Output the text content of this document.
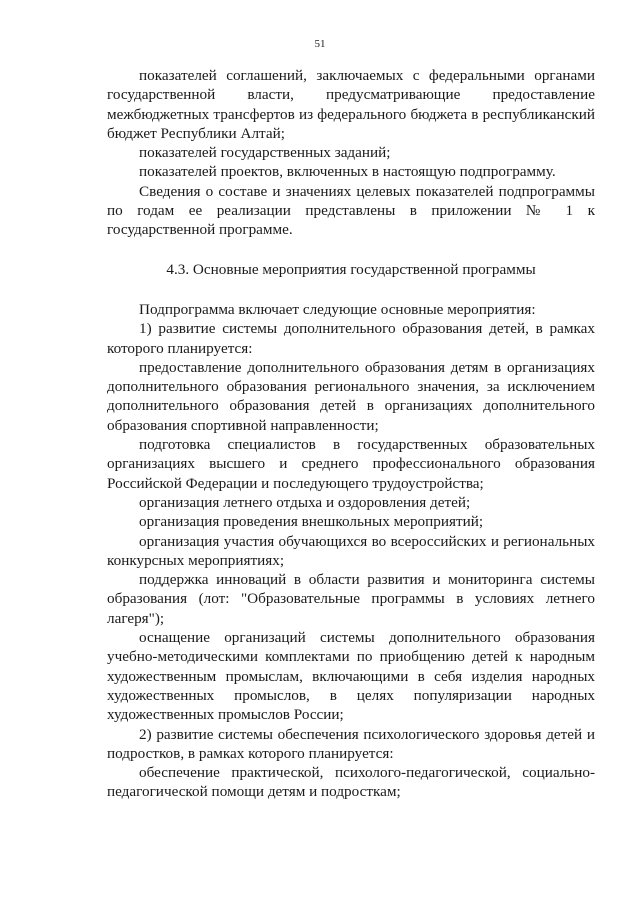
51

показателей соглашений, заключаемых с федеральными органами государственной власти, предусматривающие предоставление межбюджетных трансфертов из федерального бюджета в республиканский бюджет Республики Алтай;

показателей государственных заданий;

показателей проектов, включенных в настоящую подпрограмму.

Сведения о составе и значениях целевых показателей подпрограммы по годам ее реализации представлены в приложении № 1 к государственной программе.

4.3. Основные мероприятия государственной программы

Подпрограмма включает следующие основные мероприятия:

1) развитие системы дополнительного образования детей, в рамках которого планируется:

предоставление дополнительного образования детям в организациях дополнительного образования регионального значения, за исключением дополнительного образования детей в организациях дополнительного образования спортивной направленности;

подготовка специалистов в государственных образовательных организациях высшего и среднего профессионального образования Российской Федерации и последующего трудоустройства;

организация летнего отдыха и оздоровления детей;

организация проведения внешкольных мероприятий;

организация участия обучающихся во всероссийских и региональных конкурсных мероприятиях;

поддержка инноваций в области развития и мониторинга системы образования (лот: "Образовательные программы в условиях летнего лагеря");

оснащение организаций системы дополнительного образования учебно-методическими комплектами по приобщению детей к народным художественным промыслам, включающими в себя изделия народных художественных промыслов, в целях популяризации народных художественных промыслов России;

2) развитие системы обеспечения психологического здоровья детей и подростков, в рамках которого планируется:

обеспечение практической, психолого-педагогической, социально-педагогической помощи детям и подросткам;
